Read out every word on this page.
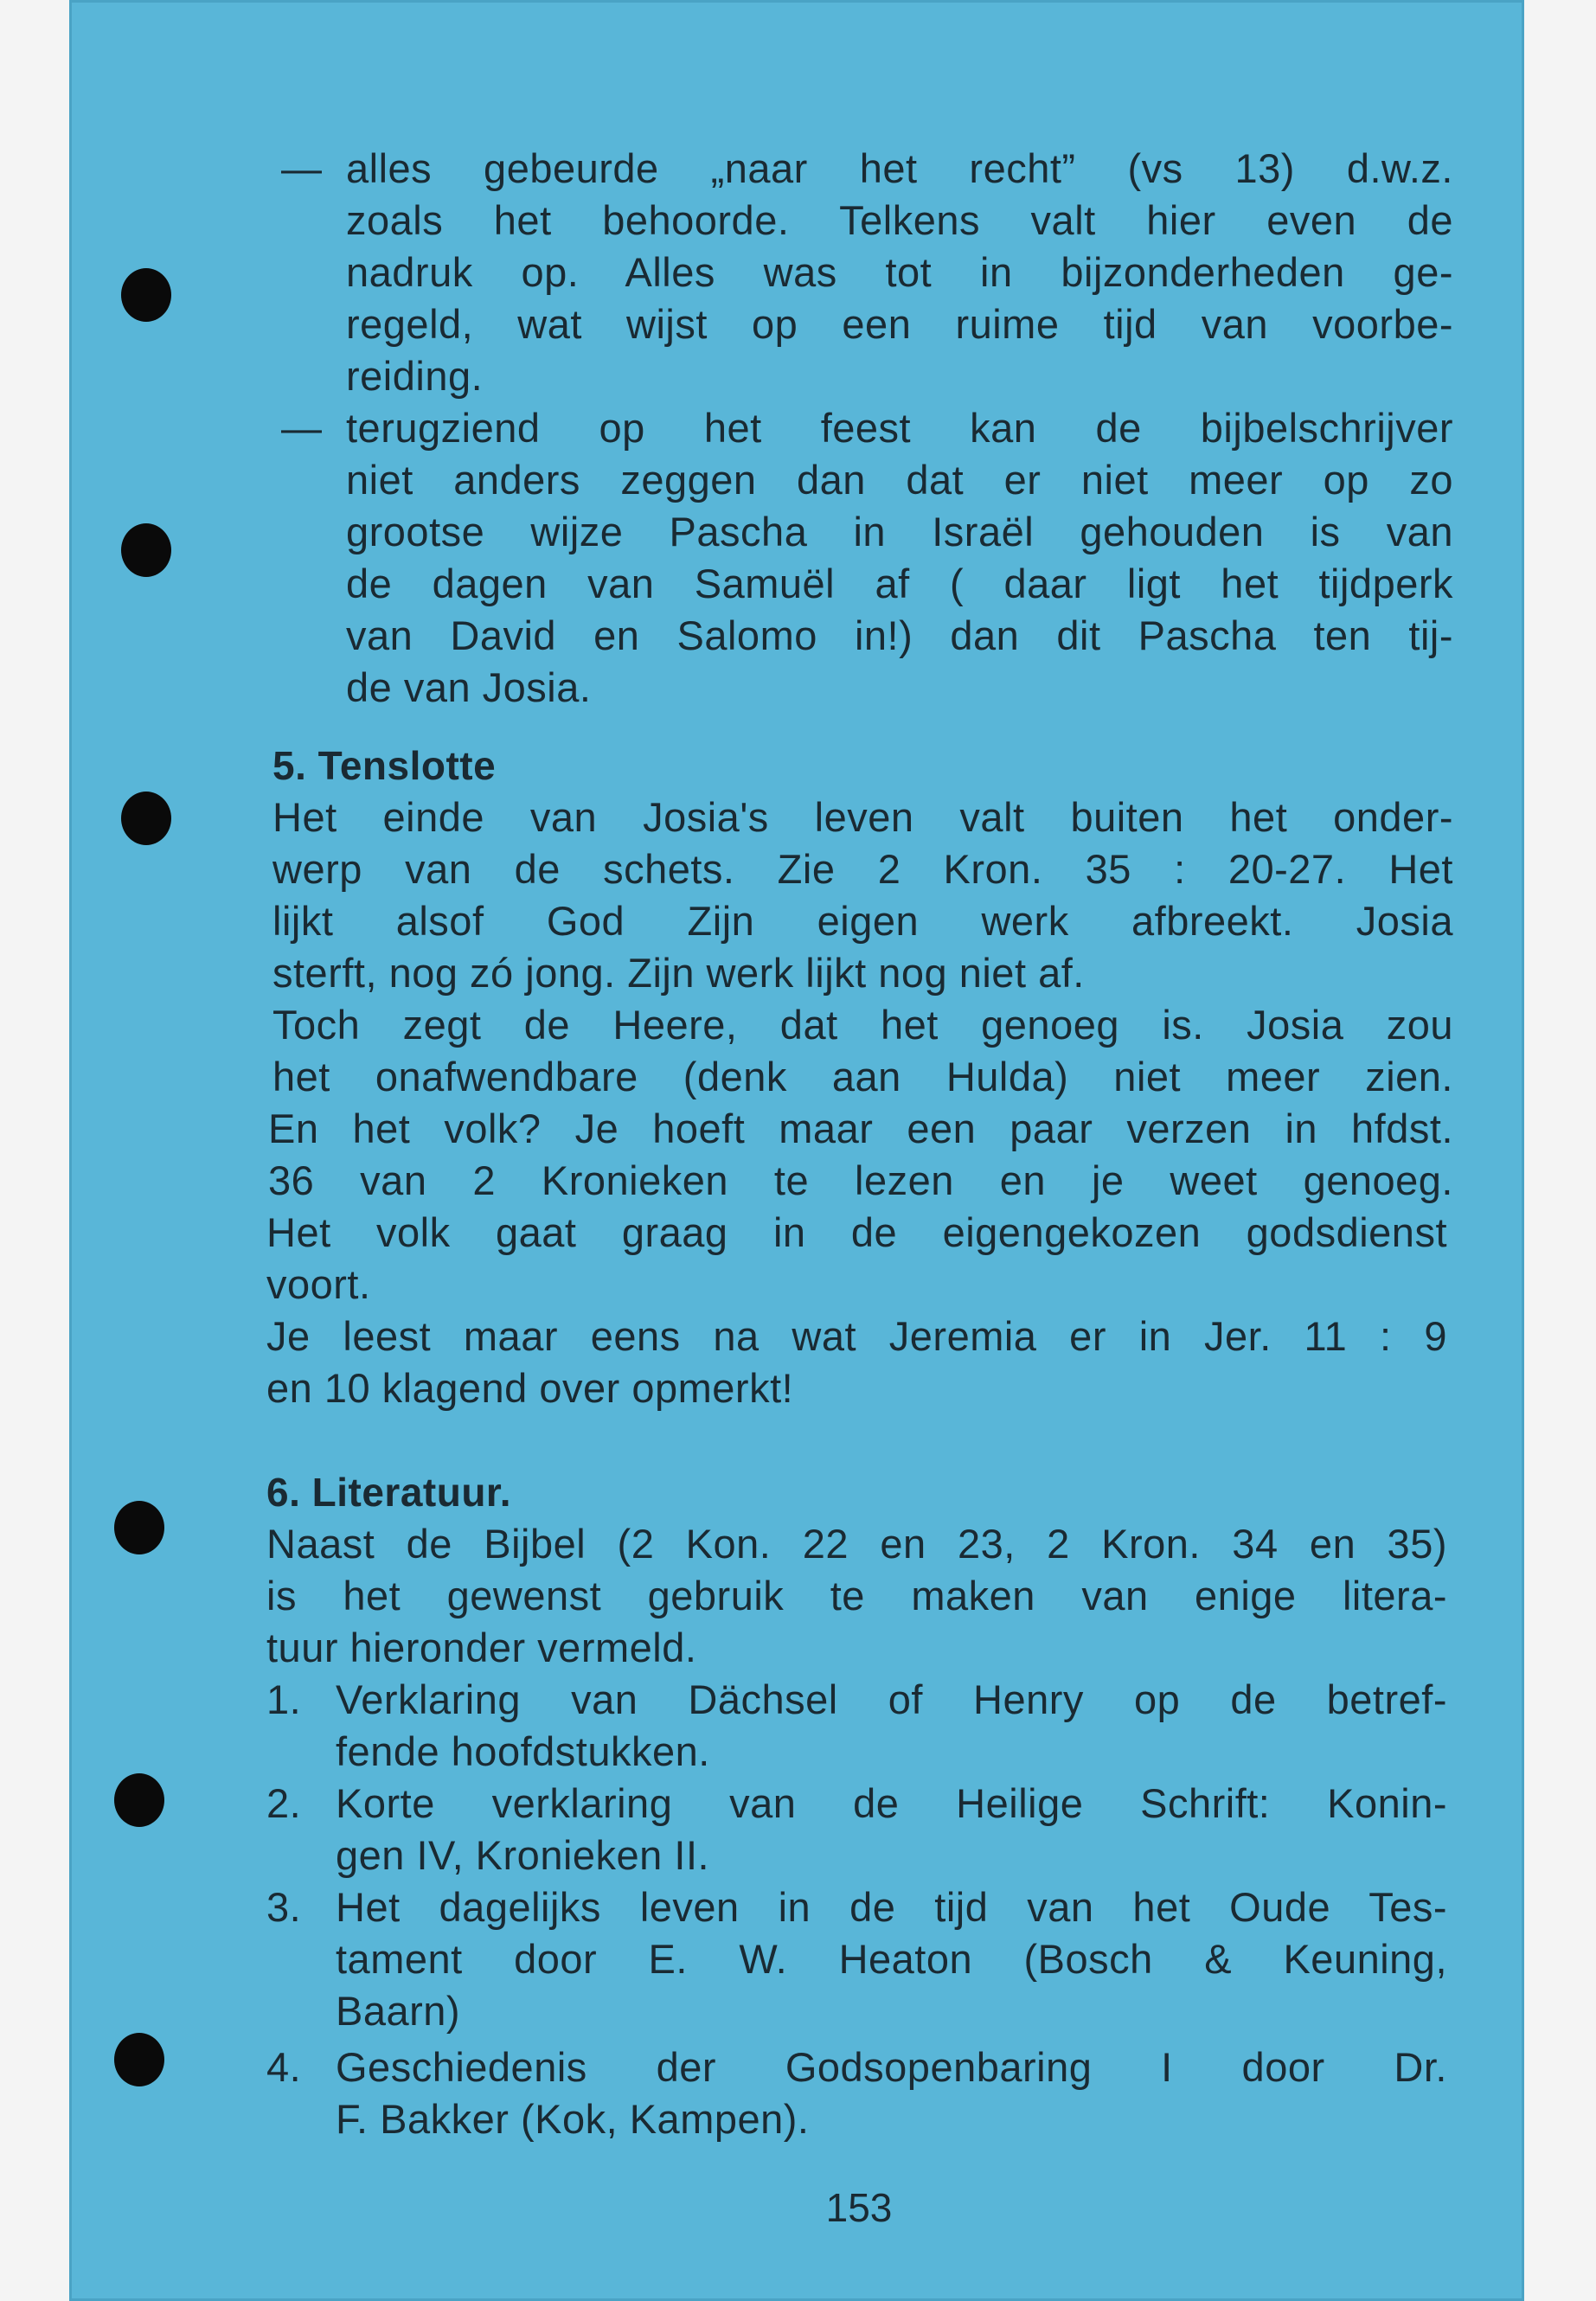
— alles gebeurde „naar het recht” (vs 13) d.w.z.
zoals het behoorde. Telkens valt hier even de
nadruk op. Alles was tot in bijzonderheden ge-
regeld, wat wijst op een ruime tijd van voorbe-
reiding.
— terugziend op het feest kan de bijbelschrijver
niet anders zeggen dan dat er niet meer op zo
grootse wijze Pascha in Israël gehouden is van
de dagen van Samuël af ( daar ligt het tijdperk
van David en Salomo in!) dan dit Pascha ten tij-
de van Josia.
5. Tenslotte
Het einde van Josia's leven valt buiten het onder-
werp van de schets. Zie 2 Kron. 35 : 20-27. Het
lijkt alsof God Zijn eigen werk afbreekt. Josia
sterft, nog zó jong. Zijn werk lijkt nog niet af.
Toch zegt de Heere, dat het genoeg is. Josia zou
het onafwendbare (denk aan Hulda) niet meer zien.
En het volk? Je hoeft maar een paar verzen in hfdst.
36 van 2 Kronieken te lezen en je weet genoeg.
Het volk gaat graag in de eigengekozen godsdienst
voort.
Je leest maar eens na wat Jeremia er in Jer. 11 : 9
en 10 klagend over opmerkt!
6. Literatuur.
Naast de Bijbel (2 Kon. 22 en 23, 2 Kron. 34 en 35)
is het gewenst gebruik te maken van enige litera-
tuur hieronder vermeld.
1. Verklaring van Dächsel of Henry op de betref-
fende hoofdstukken.
2. Korte verklaring van de Heilige Schrift: Konin-
gen IV, Kronieken II.
3. Het dagelijks leven in de tijd van het Oude Tes-
tament door E. W. Heaton (Bosch & Keuning,
Baarn)
4. Geschiedenis der Godsopenbaring I door Dr.
F. Bakker (Kok, Kampen).
153
